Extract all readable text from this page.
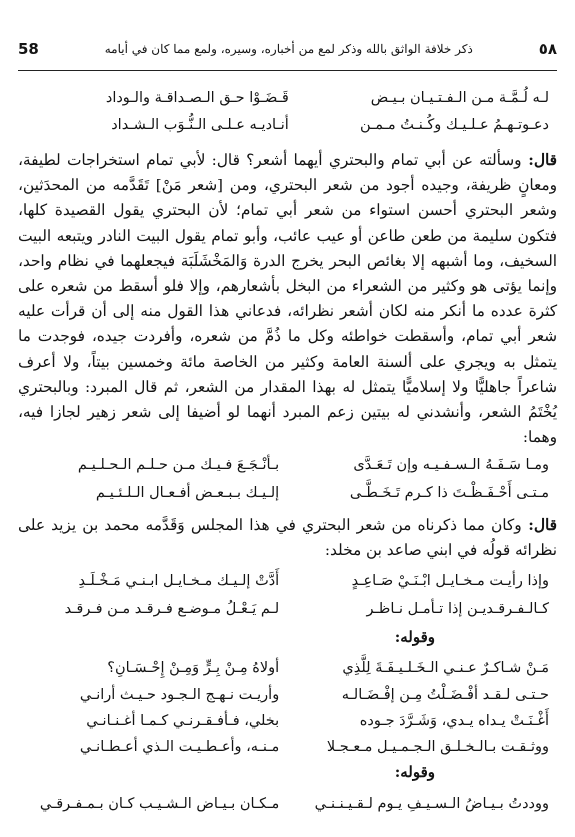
٥٨
ذكر خلافة الواثق بالله وذكر لمع من أخباره، وسيره، ولمع مما كان في أيامه
58
لـه لُـمَّـة مـن الـفـتـيـان بـيـض
قَـضَـوْا حـق الـصـداقـة والـوداد
دعـوتـهـمُ عـلـيـك وكُـنـتُ مـمـن
أنـاديـه عـلـى الـنُّـوَب الـشـداد

قال: وسألته عن أبي تمام والبحتري أيهما أشعر؟ قال: لأبي تمام استخراجات لطيفة، ومعانٍ ظريفة، وجيده أجود من شعر البحتري، ومن [شعر مَنْ] تَقَدَّمه من المحدَثين، وشعر البحتري أحسن استواء من شعر أبي تمام؛ لأن البحتري يقول القصيدة كلها، فتكون سليمة من طعن طاعن أو عيب عائب، وأبو تمام يقول البيت النادر ويتبعه البيت السخيف، وما أشبهه إلا بغائص البحر يخرج الدرة وَالمَخْشَلَبَة فيجعلهما في نظام واحد، وإنما يؤتى هو وكثير من الشعراء من البخل بأشعارهم، وإلا فلو أسقط من شعره على كثرة عدده ما أنكر منه لكان أشعر نظرائه، فدعاني هذا القول منه إلى أن قرأت عليه شعر أبي تمام، وأسقطت خواطئه وكل ما ذُمَّ من شعره، وأفردت جيده، فوجدت ما يتمثل به ويجري على ألسنة العامة وكثير من الخاصة مائة وخمسين بيتاً، ولا أعرف شاعراً جاهليًّا ولا إسلاميًّا يتمثل له بهذا المقدار من الشعر، ثم قال المبرد: وبالبحتري يُخْتَمُ الشعر، وأنشدني له بيتين زعم المبرد أنهما لو أضيفا إلى شعر زهير لجازا فيه، وهما:

ومـا سَـفَـهُ الـسـفـيـه وإن تَـعَـدَّى
بـأنْـجَـعَ فـيـك مـن حـلـم الـحـلـيـم
مـتـى أَحْـفَـظْـتَ ذا كـرم تَـخَـطَّـى
إلـيـك بـبـعـض أفـعـال الـلـئـيـم

قال: وكان مما ذكرناه من شعر البحتري في هذا المجلس وَقَدَّمه محمد بن يزيد على نظرائه قولُه في ابني صاعد بن مخلد:

وإذا رأيـت مـخـايـل ابْـنَـيْ صَـاعِـدٍ
أَدَّتْ إلـيـك مـخـايـل ابـنـي مَـخْـلَـدِ
كـالـفـرقـديـن إذا تـأمـل نـاظـر
لـم يَـعْـلُ مـوضـع فـرقـد مـن فـرقـد
وقوله:
مَـنْ شـاكـرٌ عـنـي الـخَـلـيـفَـةَ لِلَّذِي
أولاهُ مِـنْ بِـرٍّ وَمِـنْ إِحْـسَـانِ؟
حـتـى لـقـد أفْـضَـلْتُ مِـن إفْـضَـالـه
وأريـت نـهـج الـجـود حـيـث أرانـي
أَغْـنَـتْ يـداه يـدي، وَشَـرَّدَ جـوده
بخلي، فـأفـقـرنـي كـمـا أغـنـانـي
ووثـقـت بـالـخـلـق الـجـمـيـل مـعـجـلا
مـنـه، وأعـطـيـت الـذي أعـطـانـي
وقوله:
ووددتُ بـيـاضُ الـسـيـفِ يـوم لـقـيـنـنـي
مـكـان بـيـاض الـشـيـب كـان بـمـفـرقـي
